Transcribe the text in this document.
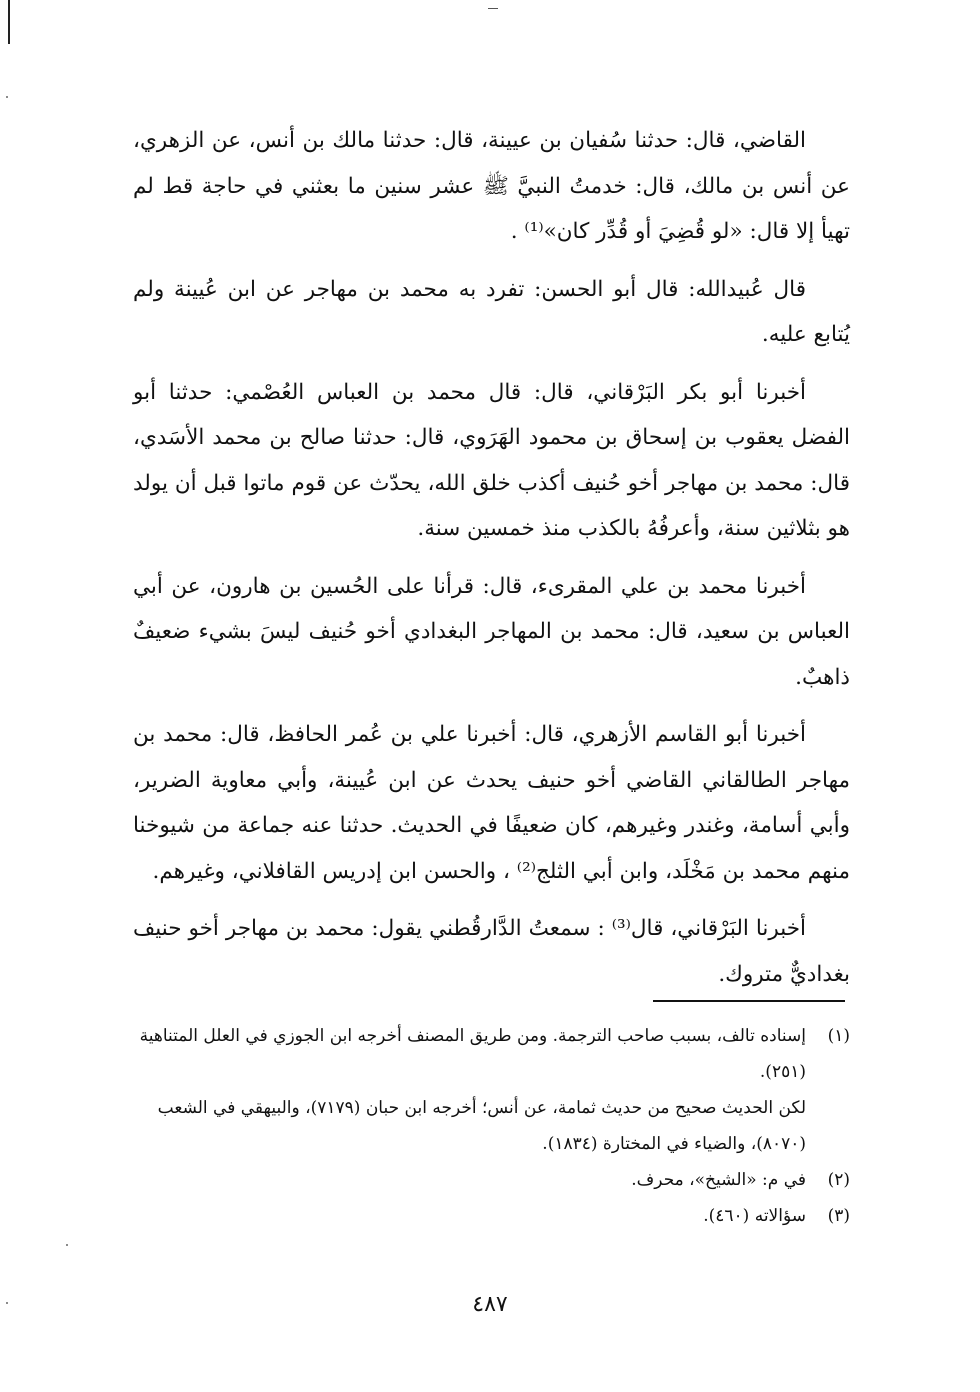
القاضي، قال: حدثنا سُفيان بن عيينة، قال: حدثنا مالك بن أنس، عن الزهري، عن أنس بن مالك، قال: خدمتُ النبيَّ ﷺ عشر سنين ما بعثني في حاجة قط لم تهيأ إلا قال: «لو قُضِيَ أو قُدِّر كان»⁽¹⁾ .

قال عُبيدالله: قال أبو الحسن: تفرد به محمد بن مهاجر عن ابن عُيينة ولم يُتابع عليه.

أخبرنا أبو بكر البَرْقاني، قال: قال محمد بن العباس العُصْمي: حدثنا أبو الفضل يعقوب بن إسحاق بن محمود الهَرَوي، قال: حدثنا صالح بن محمد الأسَدي، قال: محمد بن مهاجر أخو حُنيف أكذب خلق الله، يحدّث عن قوم ماتوا قبل أن يولد هو بثلاثين سنة، وأعرفُهُ بالكذب منذ خمسين سنة.

أخبرنا محمد بن علي المقرىء، قال: قرأنا على الحُسين بن هارون، عن أبي العباس بن سعيد، قال: محمد بن المهاجر البغدادي أخو حُنيف ليسَ بشيء ضعيفٌ ذاهبٌ.

أخبرنا أبو القاسم الأزهري، قال: أخبرنا علي بن عُمر الحافظ، قال: محمد بن مهاجر الطالقاني القاضي أخو حنيف يحدث عن ابن عُيينة، وأبي معاوية الضرير، وأبي أسامة، وغندر وغيرهم، كان ضعيفًا في الحديث. حدثنا عنه جماعة من شيوخنا منهم محمد بن مَخْلَد، وابن أبي الثلج⁽²⁾ ، والحسن ابن إدريس القافلاني، وغيرهم.

أخبرنا البَرْقاني، قال⁽³⁾ : سمعتُ الدَّارقُطني يقول: محمد بن مهاجر أخو حنيف بغداديٌّ متروك.

(١)
إسناده تالف، بسبب صاحب الترجمة. ومن طريق المصنف أخرجه ابن الجوزي في العلل المتناهية (٢٥١).
لكن الحديث صحيح من حديث ثمامة، عن أنس؛ أخرجه ابن حبان (٧١٧٩)، والبيهقي في الشعب (٨٠٧٠)، والضياء في المختارة (١٨٣٤).
(٢)
في م: «الشيخ»، محرف.
(٣)
سؤالاته (٤٦٠).
٤٨٧
